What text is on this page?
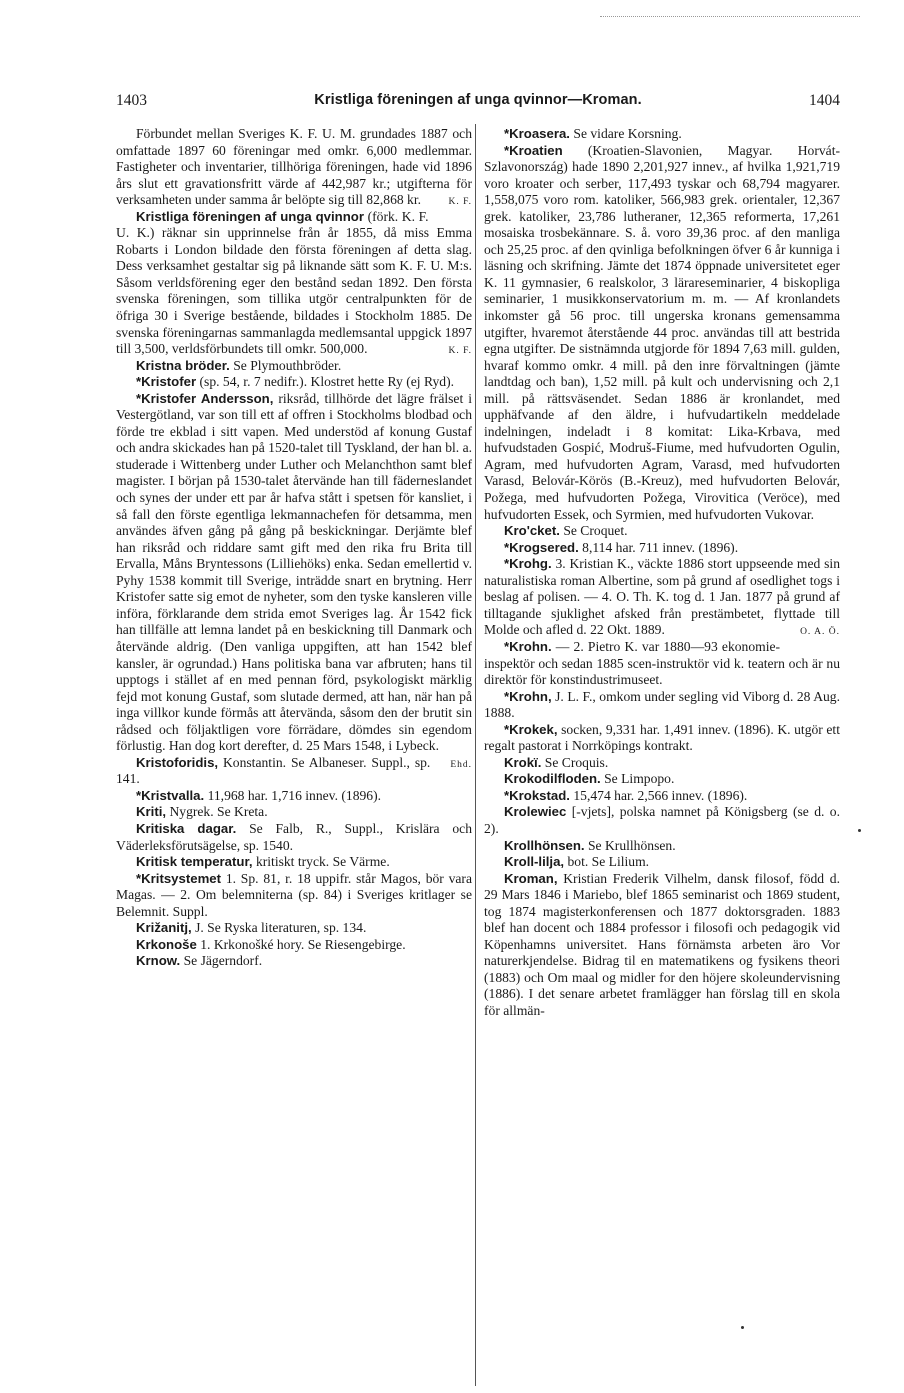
1403	Kristliga föreningen af unga qvinnor—Kroman.	1404

Förbundet mellan Sveriges K. F. U. M. grundades 1887 och omfattade 1897 60 föreningar med omkr. 6,000 medlemmar. Fastigheter och inventarier, tillhöriga föreningen, hade vid 1896 års slut ett gravationsfritt värde af 442,987 kr.; utgifterna för verksamheten under samma år belöpte sig till 82,868 kr.	K. F.

Kristliga föreningen af unga qvinnor (förk. K. F. U. K.) räknar sin upprinnelse från år 1855, då miss Emma Robarts i London bildade den första föreningen af detta slag. Dess verksamhet gestaltar sig på liknande sätt som K. F. U. M:s. Såsom verldsförening eger den bestånd sedan 1892. Den första svenska föreningen, som tillika utgör centralpunkten för de öfriga 30 i Sverige bestående, bildades i Stockholm 1885. De svenska föreningarnas sammanlagda medlemsantal uppgick 1897 till 3,500, verldsförbundets till omkr. 500,000.	K. F.

Kristna bröder. Se Plymouthbröder.

*Kristofer (sp. 54, r. 7 nedifr.). Klostret hette Ry (ej Ryd).

*Kristofer Andersson, riksråd, tillhörde det lägre frälset i Vestergötland, var son till ett af offren i Stockholms blodbad och förde tre ekblad i sitt vapen. Med understöd af konung Gustaf och andra skickades han på 1520-talet till Tyskland, der han bl. a. studerade i Wittenberg under Luther och Melanchthon samt blef magister. I början på 1530-talet återvände han till fäderneslandet och synes der under ett par år hafva stått i spetsen för kansliet, i så fall den förste egentliga lekmannachefen för detsamma, men användes äfven gång på gång på beskickningar. Derjämte blef han riksråd och riddare samt gift med den rika fru Brita till Ervalla, Måns Bryntessons (Lilliehöks) enka. Sedan emellertid v. Pyhy 1538 kommit till Sverige, inträdde snart en brytning. Herr Kristofer satte sig emot de nyheter, som den tyske kansleren ville införa, förklarande dem strida emot Sveriges lag. År 1542 fick han tillfälle att lemna landet på en beskickning till Danmark och återvände aldrig. (Den vanliga uppgiften, att han 1542 blef kansler, är ogrundad.) Hans politiska bana var afbruten; hans til upptogs i stället af en med pennan förd, psykologiskt märklig fejd mot konung Gustaf, som slutade dermed, att han, när han på inga villkor kunde förmås att återvända, såsom den der brutit sin rådsed och följaktligen vore förrädare, dömdes sin egendom förlustig. Han dog kort derefter, d. 25 Mars 1548, i Lybeck.
Ehd.

Kristoforidis, Konstantin. Se Albaneser. Suppl., sp. 141.

*Kristvalla. 11,968 har. 1,716 innev. (1896).

Kriti, Nygrek. Se Kreta.

Kritiska dagar. Se Falb, R., Suppl., Krislära och Väderleksförutsägelse, sp. 1540.

Kritisk temperatur, kritiskt tryck. Se Värme.

*Kritsystemet 1. Sp. 81, r. 18 uppifr. står Magos, bör vara Magas. — 2. Om belemniterna (sp. 84) i Sveriges kritlager se Belemnit. Suppl.

Križanitj, J. Se Ryska literaturen, sp. 134.

Krkonoše 1. Krkonošké hory. Se Riesengebirge.

Krnow. Se Jägerndorf.

*Kroasera. Se vidare Korsning.

*Kroatien (Kroatien-Slavonien, Magyar. Horvát-Szlavonország) hade 1890 2,201,927 innev., af hvilka 1,921,719 voro kroater och serber, 117,493 tyskar och 68,794 magyarer. 1,558,075 voro rom. katoliker, 566,983 grek. orientaler, 12,367 grek. katoliker, 23,786 lutheraner, 12,365 reformerta, 17,261 mosaiska trosbekännare. S. å. voro 39,36 proc. af den manliga och 25,25 proc. af den qvinliga befolkningen öfver 6 år kunniga i läsning och skrifning. Jämte det 1874 öppnade universitetet eger K. 11 gymnasier, 6 realskolor, 3 lärareseminarier, 4 biskopliga seminarier, 1 musikkonservatorium m. m. — Af kronlandets inkomster gå 56 proc. till ungerska kronans gemensamma utgifter, hvaremot återstående 44 proc. användas till att bestrida egna utgifter. De sistnämnda utgjorde för 1894 7,63 mill. gulden, hvaraf kommo omkr. 4 mill. på den inre förvaltningen (jämte landtdag och ban), 1,52 mill. på kult och undervisning och 2,1 mill. på rättsväsendet. Sedan 1886 är kronlandet, med upphäfvande af den äldre, i hufvudartikeln meddelade indelningen, indeladt i 8 komitat: Lika-Krbava, med hufvudstaden Gospić, Modruš-Fiume, med hufvudorten Ogulin, Agram, med hufvudorten Agram, Varasd, med hufvudorten Varasd, Belovár-Körös (B.-Kreuz), med hufvudorten Belovár, Požega, med hufvudorten Požega, Virovitica (Veröce), med hufvudorten Essek, och Syrmien, med hufvudorten Vukovar.

Kro'cket. Se Croquet.

*Krogsered. 8,114 har. 711 innev. (1896).

*Krohg. 3. Kristian K., väckte 1886 stort uppseende med sin naturalistiska roman Albertine, som på grund af osedlighet togs i beslag af polisen. — 4. O. Th. K. tog d. 1 Jan. 1877 på grund af tilltagande sjuklighet afsked från prestämbetet, flyttade till Molde och afled d. 22 Okt. 1889.	O. A. Ö.

*Krohn. — 2. Pietro K. var 1880—93 ekonomie-inspektör och sedan 1885 scen-instruktör vid k. teatern och är nu direktör för konstindustrimuseet.

*Krohn, J. L. F., omkom under segling vid Viborg d. 28 Aug. 1888.

*Krokek, socken, 9,331 har. 1,491 innev. (1896). K. utgör ett regalt pastorat i Norrköpings kontrakt.

Krokï. Se Croquis.

Krokodilfloden. Se Limpopo.

*Krokstad. 15,474 har. 2,566 innev. (1896).

Krolewiec [-vjets], polska namnet på Königsberg (se d. o. 2).

Krollhönsen. Se Krullhönsen.

Kroll-lilja, bot. Se Lilium.

Kroman, Kristian Frederik Vilhelm, dansk filosof, född d. 29 Mars 1846 i Mariebo, blef 1865 seminarist och 1869 student, tog 1874 magisterkonferensen och 1877 doktorsgraden. 1883 blef han docent och 1884 professor i filosofi och pedagogik vid Köpenhamns universitet. Hans förnämsta arbeten äro Vor naturerkjendelse. Bidrag til en matematikens og fysikens theori (1883) och Om maal og midler for den höjere skoleundervisning (1886). I det senare arbetet framlägger han förslag till en skola för allmän-
